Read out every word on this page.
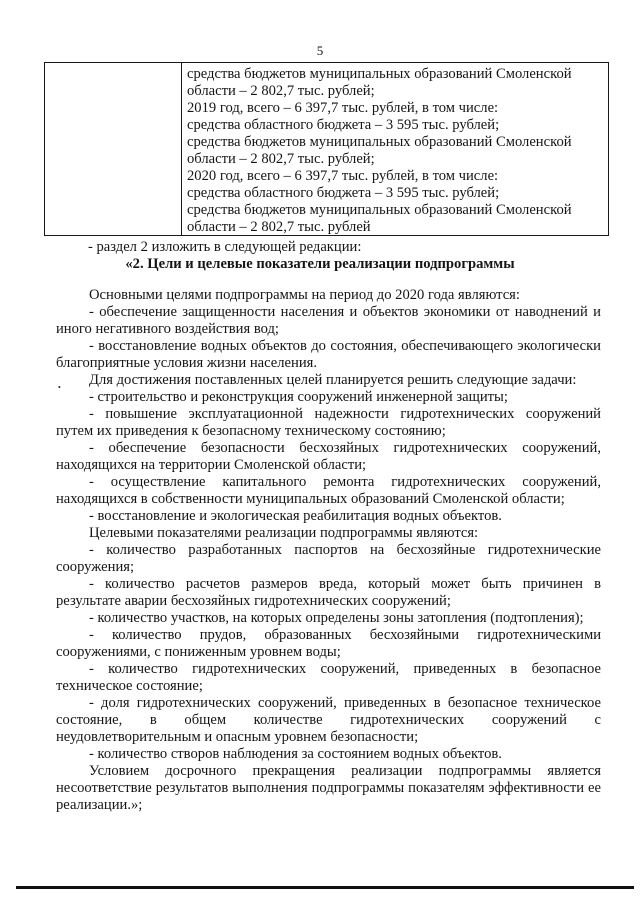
5

средства бюджетов муниципальных образований Смоленской

области – 2 802,7 тыс. рублей;

2019 год, всего – 6 397,7 тыс. рублей, в том числе:

средства областного бюджета – 3 595 тыс. рублей;

средства бюджетов муниципальных образований Смоленской

области – 2 802,7 тыс. рублей;

2020 год, всего – 6 397,7 тыс. рублей, в том числе:

средства областного бюджета – 3 595 тыс. рублей;

средства бюджетов муниципальных образований Смоленской

области – 2 802,7 тыс. рублей

- раздел 2 изложить в следующей редакции:
«2. Цели и целевые показатели реализации подпрограммы
•

Основными целями подпрограммы на период до 2020 года являются:

- обеспечение защищенности населения и объектов экономики от наводнений и иного негативного воздействия вод;

- восстановление водных объектов до состояния, обеспечивающего экологически благоприятные условия жизни населения.

Для достижения поставленных целей планируется решить следующие задачи:

- строительство и реконструкция сооружений инженерной защиты;

- повышение эксплуатационной надежности гидротехнических сооружений путем их приведения к безопасному техническому состоянию;

- обеспечение безопасности бесхозяйных гидротехнических сооружений, находящихся на территории Смоленской области;

- осуществление капитального ремонта гидротехнических сооружений, находящихся в собственности муниципальных образований Смоленской области;

- восстановление и экологическая реабилитация водных объектов.

Целевыми показателями реализации подпрограммы являются:

- количество разработанных паспортов на бесхозяйные гидротехнические сооружения;

- количество расчетов размеров вреда, который может быть причинен в результате аварии бесхозяйных гидротехнических сооружений;

- количество участков, на которых определены зоны затопления (подтопления);

- количество прудов, образованных бесхозяйными гидротехническими сооружениями, с пониженным уровнем воды;

- количество гидротехнических сооружений, приведенных в безопасное техническое состояние;

- доля гидротехнических сооружений, приведенных в безопасное техническое состояние, в общем количестве гидротехнических сооружений с неудовлетворительным и опасным уровнем безопасности;

- количество створов наблюдения за состоянием водных объектов.

Условием досрочного прекращения реализации подпрограммы является несоответствие результатов выполнения подпрограммы показателям эффективности ее реализации.»;
